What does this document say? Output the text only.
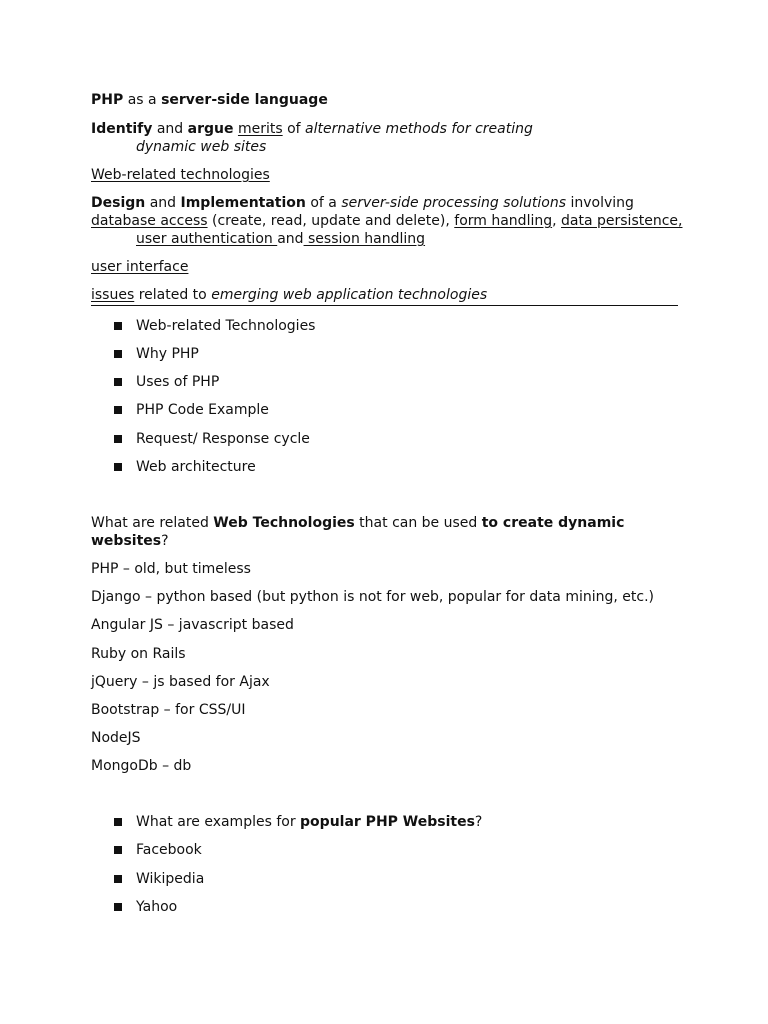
PHP as a server-side language
Identify and argue merits of alternative methods for creating
dynamic web sites
Web-related technologies
Design and Implementation of a server-side processing solutions involving
database access (create, read, update and delete), form handling, data persistence,
user authentication and session handling
user interface
issues related to emerging web application technologies
Web-related Technologies
Why PHP
Uses of PHP
PHP Code Example
Request/ Response cycle
Web architecture
What are related Web Technologies that can be used to create dynamic
websites?
PHP – old, but timeless
Django – python based (but python is not for web, popular for data mining, etc.)
Angular JS – javascript based
Ruby on Rails
jQuery – js based for Ajax
Bootstrap – for CSS/UI
NodeJS
MongoDb – db
What are examples for popular PHP Websites?
Facebook
Wikipedia
Yahoo
